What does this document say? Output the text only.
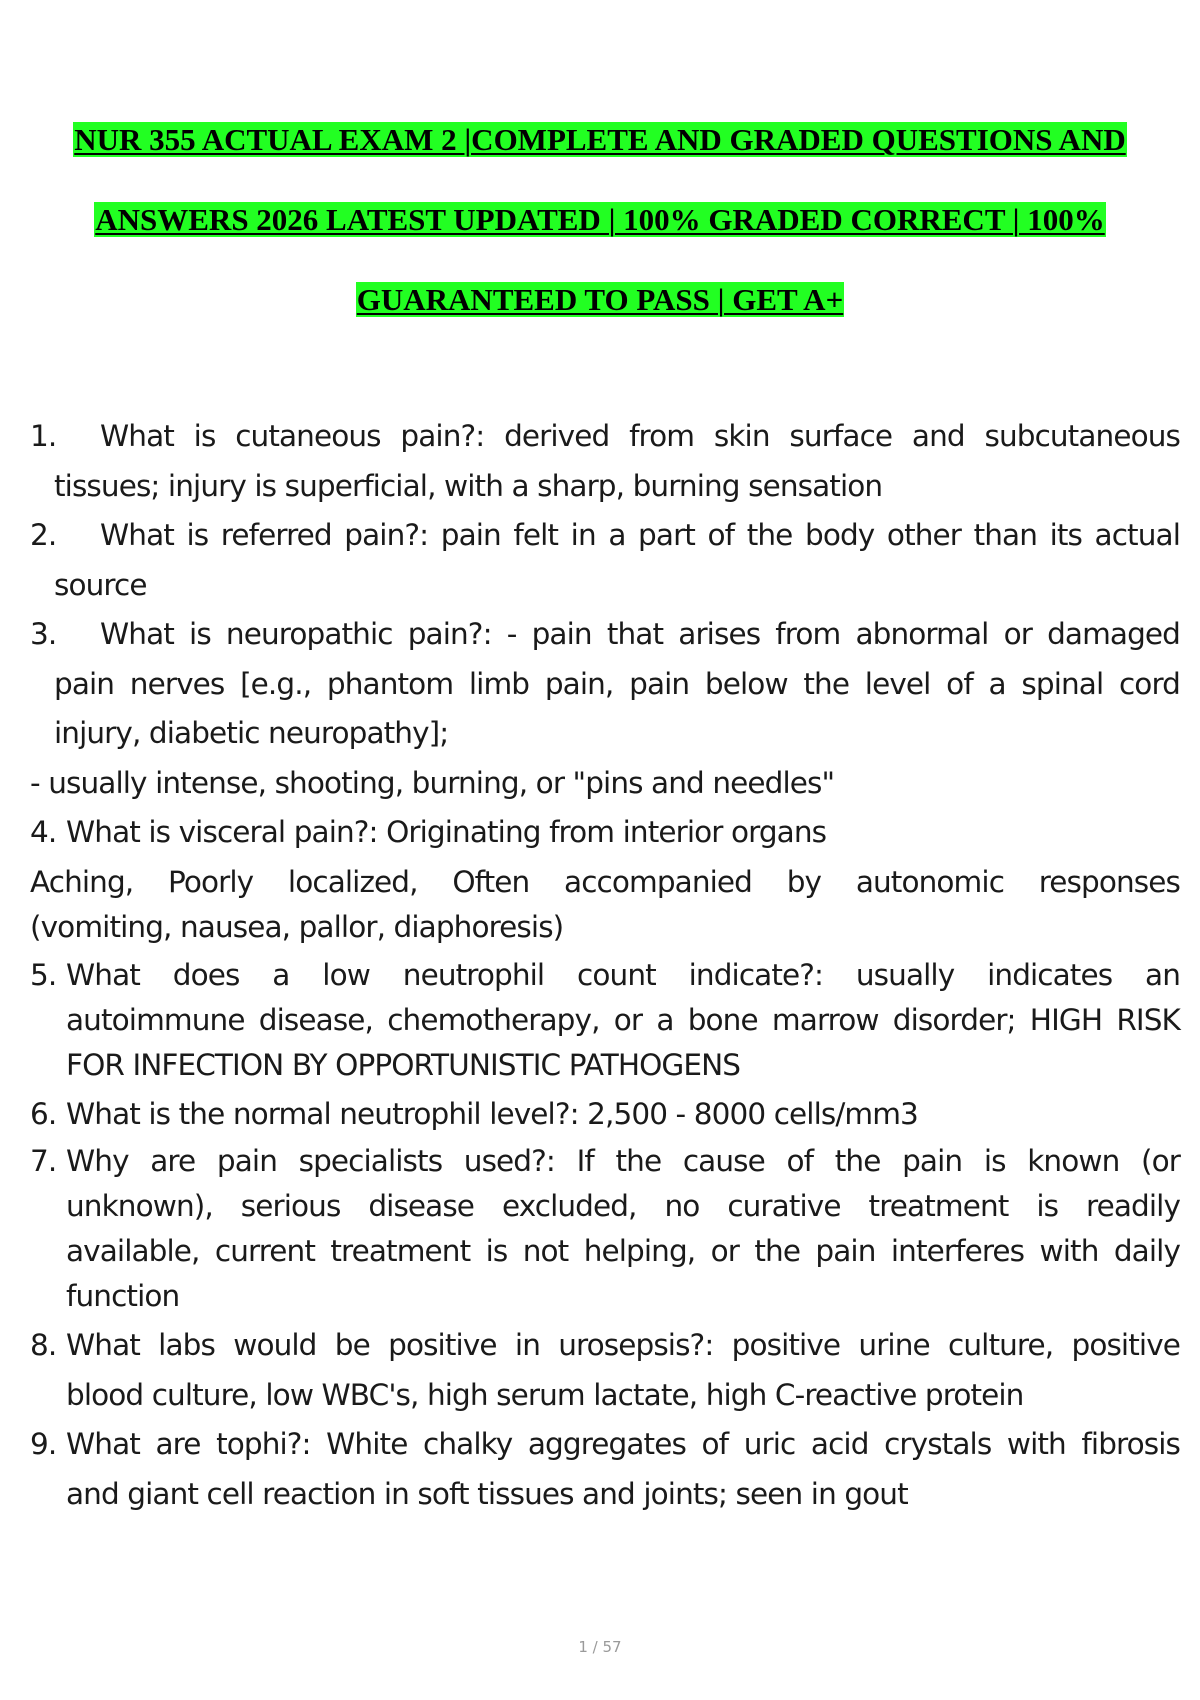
NUR 355 ACTUAL EXAM 2 |COMPLETE AND GRADED QUESTIONS AND
ANSWERS 2026 LATEST UPDATED | 100% GRADED CORRECT | 100%
GUARANTEED TO PASS | GET A+
1. What is cutaneous pain?: derived from skin surface and subcutaneous
tissues; injury is superficial, with a sharp, burning sensation
2. What is referred pain?: pain felt in a part of the body other than its actual
source
3. What is neuropathic pain?: - pain that arises from abnormal or damaged
pain nerves [e.g., phantom limb pain, pain below the level of a spinal cord
injury, diabetic neuropathy];
- usually intense, shooting, burning, or "pins and needles"
4. What is visceral pain?: Originating from interior organs
Aching, Poorly localized, Often accompanied by autonomic responses
(vomiting, nausea, pallor, diaphoresis)
5. What does a low neutrophil count indicate?: usually indicates an
autoimmune disease, chemotherapy, or a bone marrow disorder; HIGH RISK
FOR INFECTION BY OPPORTUNISTIC PATHOGENS
6. What is the normal neutrophil level?: 2,500 - 8000 cells/mm3
7. Why are pain specialists used?: If the cause of the pain is known (or
unknown), serious disease excluded, no curative treatment is readily
available, current treatment is not helping, or the pain interferes with daily
function
8. What labs would be positive in urosepsis?: positive urine culture, positive
blood culture, low WBC's, high serum lactate, high C-reactive protein
9. What are tophi?: White chalky aggregates of uric acid crystals with fibrosis
and giant cell reaction in soft tissues and joints; seen in gout
1 / 57
